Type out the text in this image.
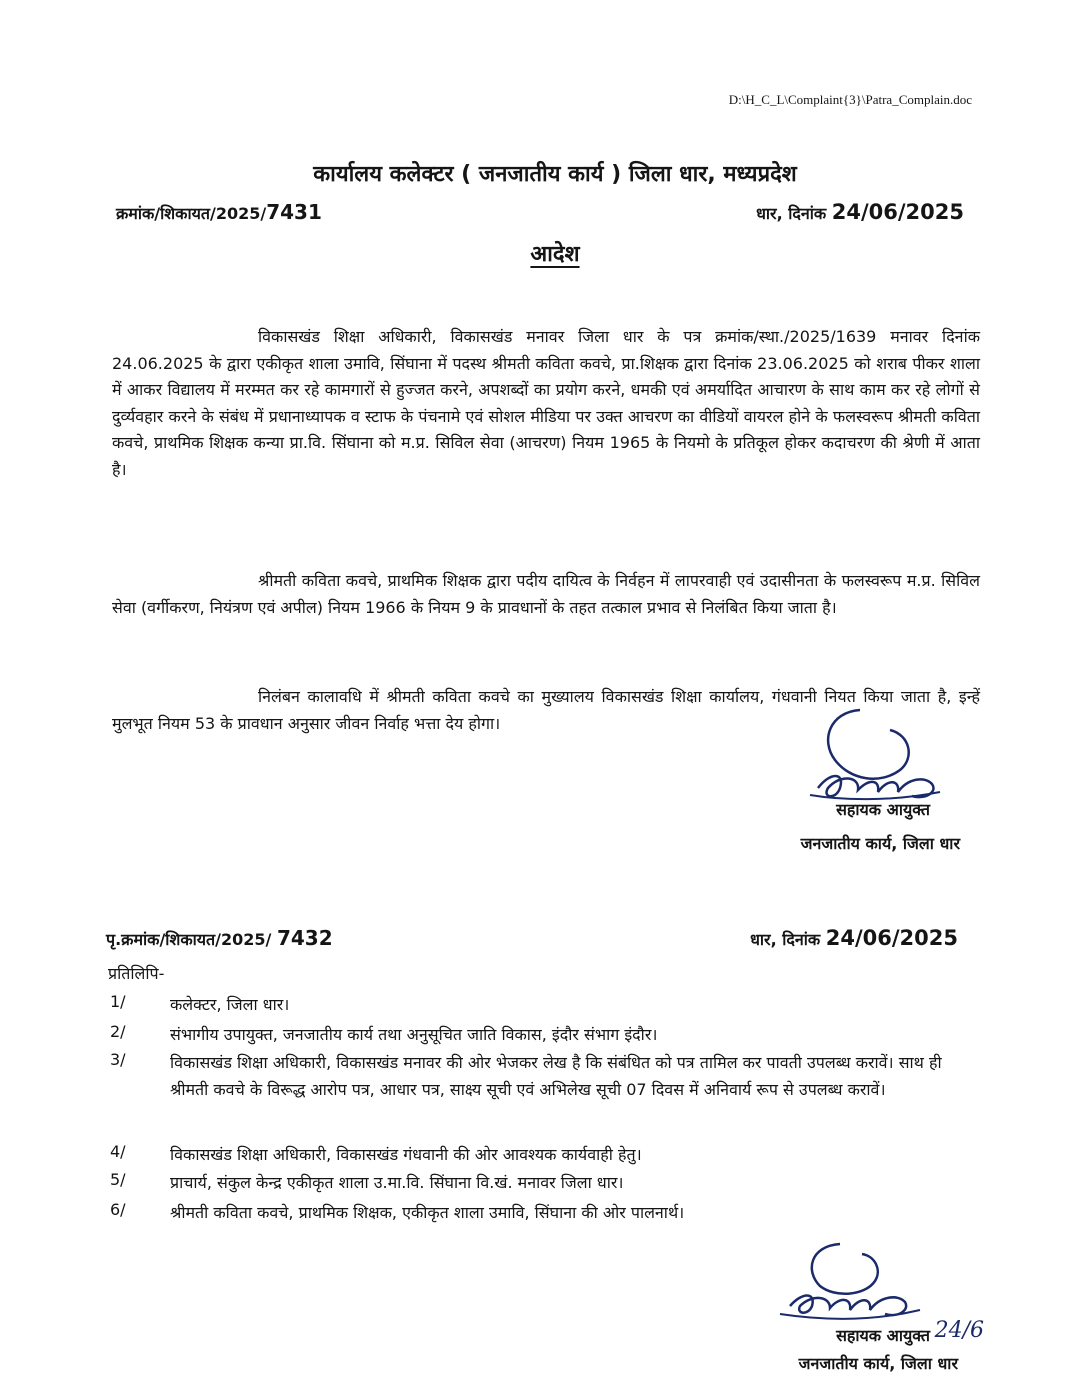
D:\H_C_L\Complaint{3}\Patra_Complain.doc
कार्यालय कलेक्टर ( जनजातीय कार्य ) जिला धार, मध्यप्रदेश
क्रमांक/शिकायत/2025/7431	धार, दिनांक 24/06/2025
आदेश
विकासखंड शिक्षा अधिकारी, विकासखंड मनावर जिला धार के पत्र क्रमांक/स्था./2025/1639 मनावर दिनांक 24.06.2025 के द्वारा एकीकृत शाला उमावि, सिंघाना में पदस्थ श्रीमती कविता कवचे, प्रा.शिक्षक द्वारा दिनांक 23.06.2025 को शराब पीकर शाला में आकर विद्यालय में मरम्मत कर रहे कामगारों से हुज्जत करने, अपशब्दों का प्रयोग करने, धमकी एवं अमर्यादित आचारण के साथ काम कर रहे लोगों से दुर्व्यवहार करने के संबंध में प्रधानाध्यापक व स्टाफ के पंचनामे एवं सोशल मीडिया पर उक्त आचरण का वीडियों वायरल होने के फलस्वरूप श्रीमती कविता कवचे, प्राथमिक शिक्षक कन्या प्रा.वि. सिंघाना को म.प्र. सिविल सेवा (आचरण) नियम 1965 के नियमो के प्रतिकूल होकर कदाचरण की श्रेणी में आता है।
श्रीमती कविता कवचे, प्राथमिक शिक्षक द्वारा पदीय दायित्व के निर्वहन में लापरवाही एवं उदासीनता के फलस्वरूप म.प्र. सिविल सेवा (वर्गीकरण, नियंत्रण एवं अपील) नियम 1966 के नियम 9 के प्रावधानों के तहत तत्काल प्रभाव से निलंबित किया जाता है।
निलंबन कालावधि में श्रीमती कविता कवचे का मुख्यालय विकासखंड शिक्षा कार्यालय, गंधवानी नियत किया जाता है, इन्हें मुलभूत नियम 53 के प्रावधान अनुसार जीवन निर्वाह भत्ता देय होगा।
सहायक आयुक्त
जनजातीय कार्य, जिला धार
पृ.क्रमांक/शिकायत/2025/ 7432	धार, दिनांक 24/06/2025
प्रतिलिपि-
1/	कलेक्टर, जिला धार।
2/	संभागीय उपायुक्त, जनजातीय कार्य तथा अनुसूचित जाति विकास, इंदौर संभाग इंदौर।
3/	विकासखंड शिक्षा अधिकारी, विकासखंड मनावर की ओर भेजकर लेख है कि संबंधित को पत्र तामिल कर पावती उपलब्ध करावें। साथ ही श्रीमती कवचे के विरूद्ध आरोप पत्र, आधार पत्र, साक्ष्य सूची एवं अभिलेख सूची 07 दिवस में अनिवार्य रूप से उपलब्ध करावें।
4/	विकासखंड शिक्षा अधिकारी, विकासखंड गंधवानी की ओर आवश्यक कार्यवाही हेतु।
5/	प्राचार्य, संकुल केन्द्र एकीकृत शाला उ.मा.वि. सिंघाना वि.खं. मनावर जिला धार।
6/	श्रीमती कविता कवचे, प्राथमिक शिक्षक, एकीकृत शाला उमावि, सिंघाना की ओर पालनार्थ।
सहायक आयुक्त 24/6
जनजातीय कार्य, जिला धार
